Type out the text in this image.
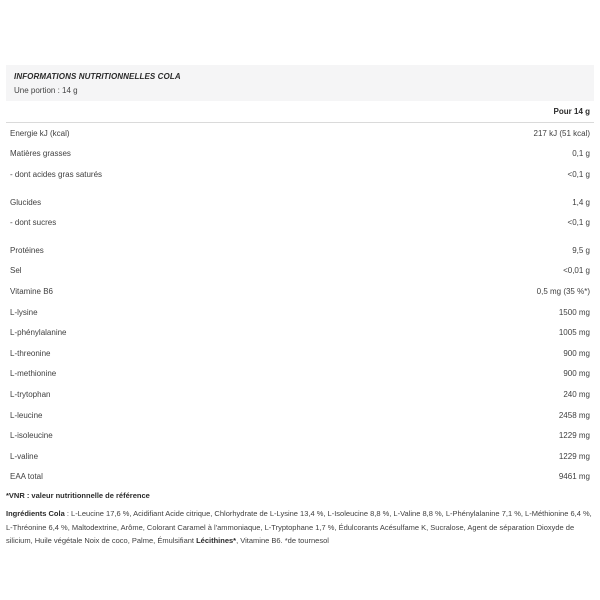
INFORMATIONS NUTRITIONNELLES COLA
Une portion : 14 g
Pour 14 g
Energie kJ (kcal)	217 kJ (51 kcal)
Matières grasses	0,1 g
- dont acides gras saturés	<0,1 g
Glucides	1,4 g
- dont sucres	<0,1 g
Protéines	9,5 g
Sel	<0,01 g
Vitamine B6	0,5 mg (35 %*)
L-lysine	1500 mg
L-phénylalanine	1005 mg
L-threonine	900 mg
L-methionine	900 mg
L-trytophan	240 mg
L-leucine	2458 mg
L-isoleucine	1229 mg
L-valine	1229 mg
EAA total	9461 mg
*VNR : valeur nutritionnelle de référence

Ingrédients Cola : L-Leucine 17,6 %, Acidifiant Acide citrique, Chlorhydrate de L-Lysine 13,4 %, L-Isoleucine 8,8 %, L-Valine 8,8 %, L-Phénylalanine 7,1 %, L-Méthionine 6,4 %, L-Thréonine 6,4 %, Maltodextrine, Arôme, Colorant Caramel à l'ammoniaque, L-Tryptophane 1,7 %, Édulcorants Acésulfame K, Sucralose, Agent de séparation Dioxyde de silicium, Huile végétale Noix de coco, Palme, Émulsifiant Lécithines*, Vitamine B6. *de tournesol
